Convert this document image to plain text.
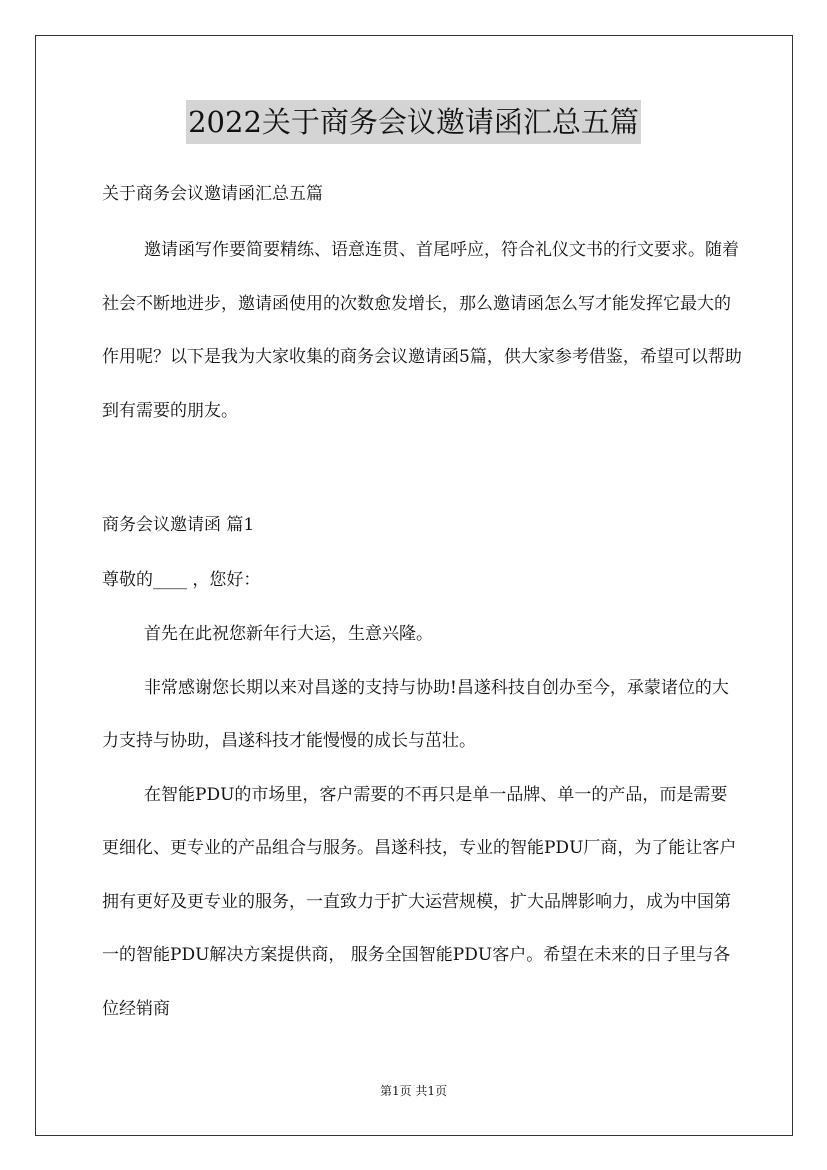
2022关于商务会议邀请函汇总五篇

关于商务会议邀请函汇总五篇

邀请函写作要简要精练、语意连贯、首尾呼应，符合礼仪文书的行文要求。随着社会不断地进步，邀请函使用的次数愈发增长，那么邀请函怎么写才能发挥它最大的作用呢？以下是我为大家收集的商务会议邀请函5篇，供大家参考借鉴，希望可以帮助到有需要的朋友。

商务会议邀请函 篇1

尊敬的____ ，您好：

首先在此祝您新年行大运，生意兴隆。

非常感谢您长期以来对昌遂的支持与协助!昌遂科技自创办至今，承蒙诸位的大力支持与协助，昌遂科技才能慢慢的成长与茁壮。

在智能PDU的市场里，客户需要的不再只是单一品牌、单一的产品，而是需要更细化、更专业的产品组合与服务。昌遂科技，专业的智能PDU厂商，为了能让客户拥有更好及更专业的服务，一直致力于扩大运营规模，扩大品牌影响力，成为中国第一的智能PDU解决方案提供商， 服务全国智能PDU客户。希望在未来的日子里与各位经销商

第1页 共1页
